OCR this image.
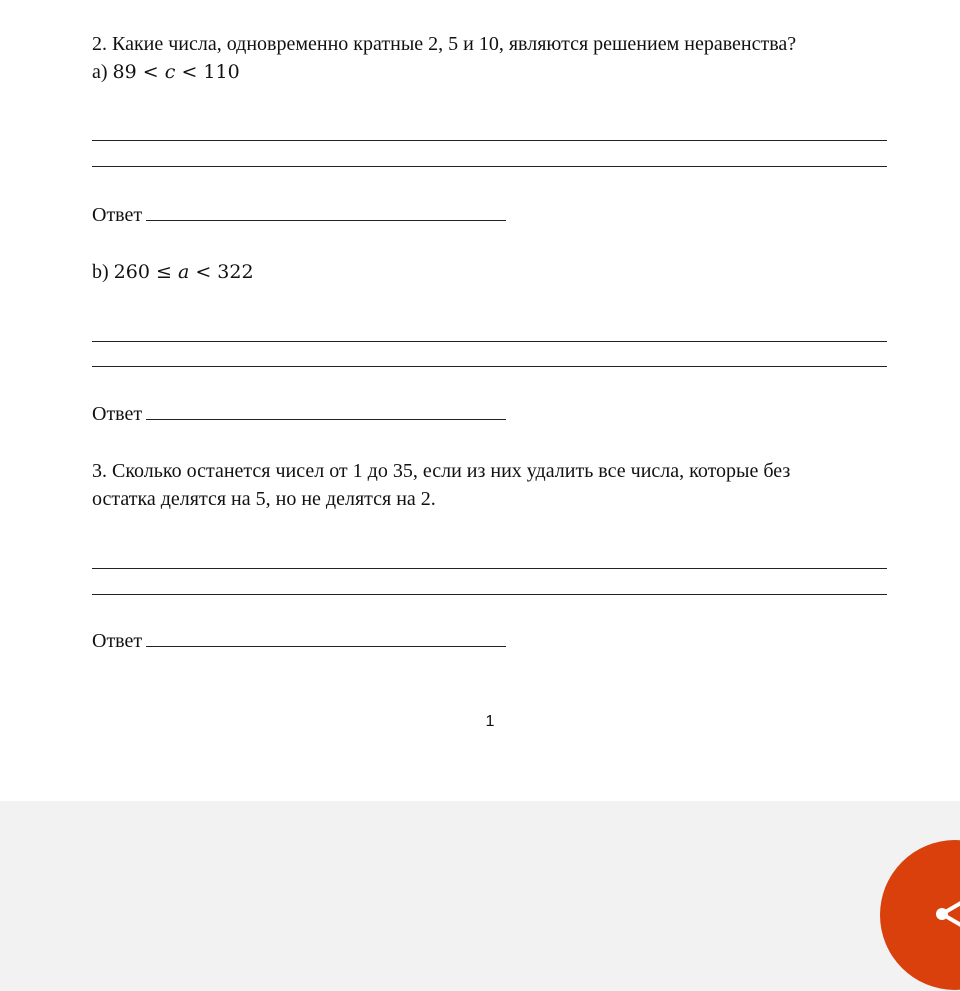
2. Какие числа, одновременно кратные 2, 5 и 10, являются решением неравенства?
а) 89 < c < 110
Ответ
b) 260 ≤ a < 322
Ответ
3. Сколько останется чисел от 1 до 35, если из них удалить все числа, которые без
остатка делятся на 5, но не делятся на 2.
Ответ
1
